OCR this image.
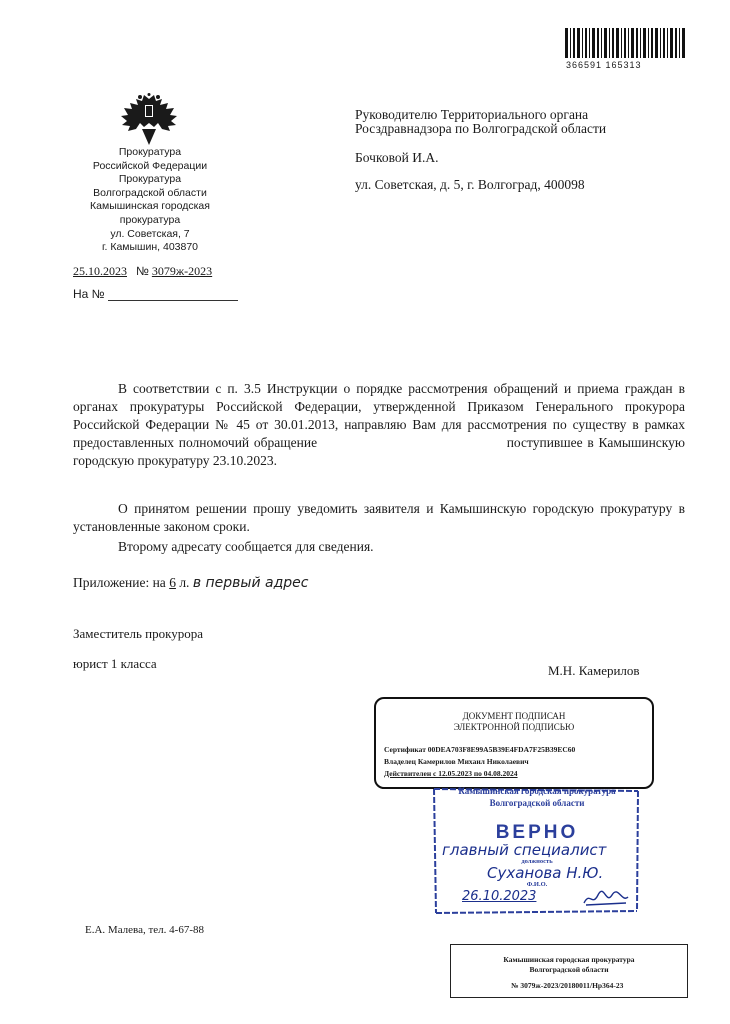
366591 165313
Прокуратура
Российской Федерации
Прокуратура
Волгоградской области
Камышинская городская
прокуратура
ул. Советская, 7
г. Камышин, 403870
25.10.2023 № 3079ж-2023
На №
Руководителю Территориального органа
Росздравнадзора по Волгоградской области
Бочковой И.А.
ул. Советская, д. 5, г. Волгоград, 400098
В соответствии с п. 3.5 Инструкции о порядке рассмотрения обращений и приема граждан в органах прокуратуры Российской Федерации, утвержденной Приказом Генерального прокурора Российской Федерации № 45 от 30.01.2013, направляю Вам для рассмотрения по существу в рамках предоставленных полномочий обращение                                        поступившее в Камышинскую городскую прокуратуру 23.10.2023.
О принятом решении прошу уведомить заявителя и Камышинскую городскую прокуратуру в установленные законом сроки.
Второму адресату сообщается для сведения.
Приложение: на 6 л. в первый адрес
Заместитель прокурора
юрист 1 класса	М.Н. Камерилов
ДОКУМЕНТ ПОДПИСАН
ЭЛЕКТРОННОЙ ПОДПИСЬЮ
Сертификат 00DEA703F8E99A5B39E4FDA7F25B39EC60
Владелец Камерилов Михаил Николаевич
Действителен с 12.05.2023 по 04.08.2024
Камышинская городская прокуратура
Волгоградской области
ВЕРНО
главный специалист
должность
Суханова Н.Ю.
Ф.И.О.
26.10.2023
Е.А. Малева, тел. 4-67-88
Камышинская городская прокуратура
Волгоградской области
№ 3079ж-2023/20180011/Нр364-23
